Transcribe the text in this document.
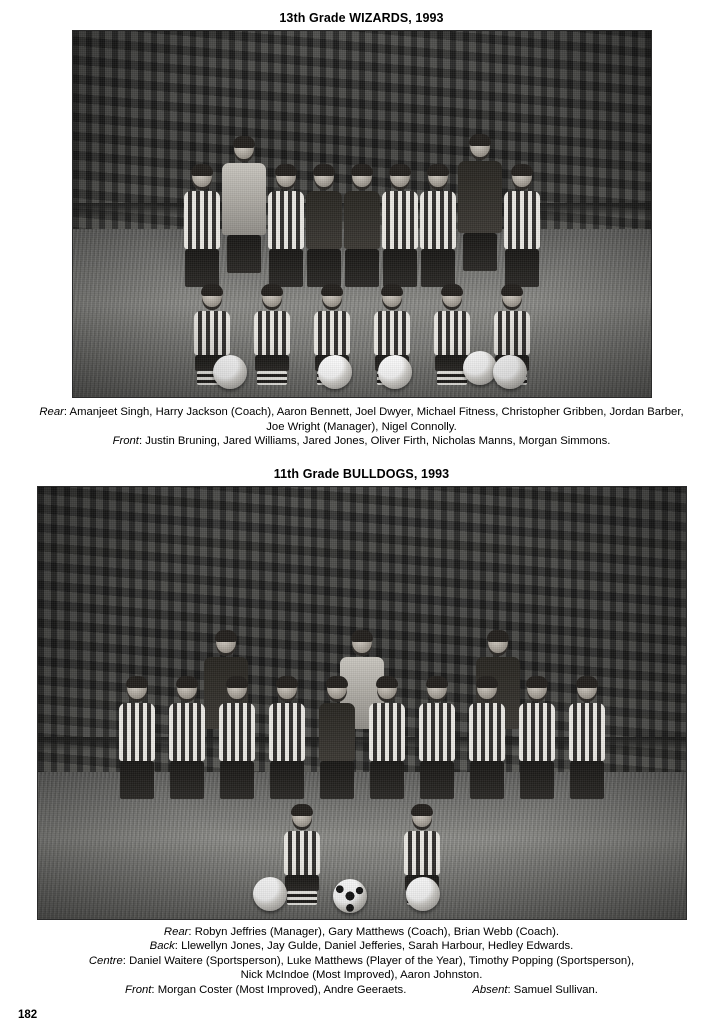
13th Grade WIZARDS, 1993
Rear: Amanjeet Singh, Harry Jackson (Coach), Aaron Bennett, Joel Dwyer, Michael Fitness, Christopher Gribben, Jordan Barber,
Joe Wright (Manager), Nigel Connolly.
Front: Justin Bruning, Jared Williams, Jared Jones, Oliver Firth, Nicholas Manns, Morgan Simmons.
11th Grade BULLDOGS, 1993
Rear: Robyn Jeffries (Manager), Gary Matthews (Coach), Brian Webb (Coach).
Back: Llewellyn Jones, Jay Gulde, Daniel Jefferies, Sarah Harbour, Hedley Edwards.
Centre: Daniel Waitere (Sportsperson), Luke Matthews (Player of the Year), Timothy Popping (Sportsperson),
Nick McIndoe (Most Improved), Aaron Johnston.
Front: Morgan Coster (Most Improved), Andre Geeraets.	Absent: Samuel Sullivan.
182
